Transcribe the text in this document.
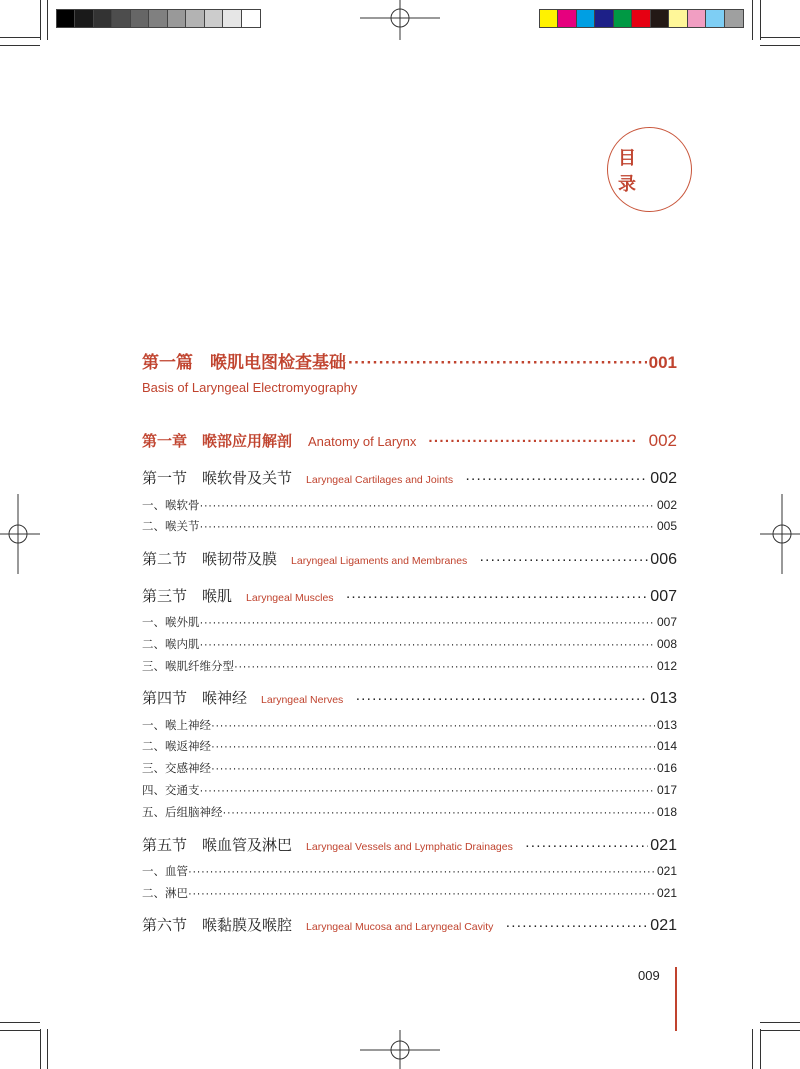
目 录
第一篇　喉肌电图检查基础 ·····	001
Basis of Laryngeal Electromyography
第一章　喉部应用解剖 Anatomy of Larynx ·····	002
第一节　喉软骨及关节 Laryngeal Cartilages and Joints ·····	002
一、喉软骨 ·····	002
二、喉关节 ·····	005
第二节　喉韧带及膜 Laryngeal Ligaments and Membranes ·····	006
第三节　喉肌 Laryngeal Muscles ·····	007
一、喉外肌 ·····	007
二、喉内肌 ·····	008
三、喉肌纤维分型 ·····	012
第四节　喉神经 Laryngeal Nerves ·····	013
一、喉上神经 ·····	013
二、喉返神经 ·····	014
三、交感神经 ·····	016
四、交通支 ·····	017
五、后组脑神经 ·····	018
第五节　喉血管及淋巴 Laryngeal Vessels and Lymphatic Drainages ·····	021
一、血管 ·····	021
二、淋巴 ·····	021
第六节　喉黏膜及喉腔 Laryngeal Mucosa and Laryngeal Cavity ·····	021
009
